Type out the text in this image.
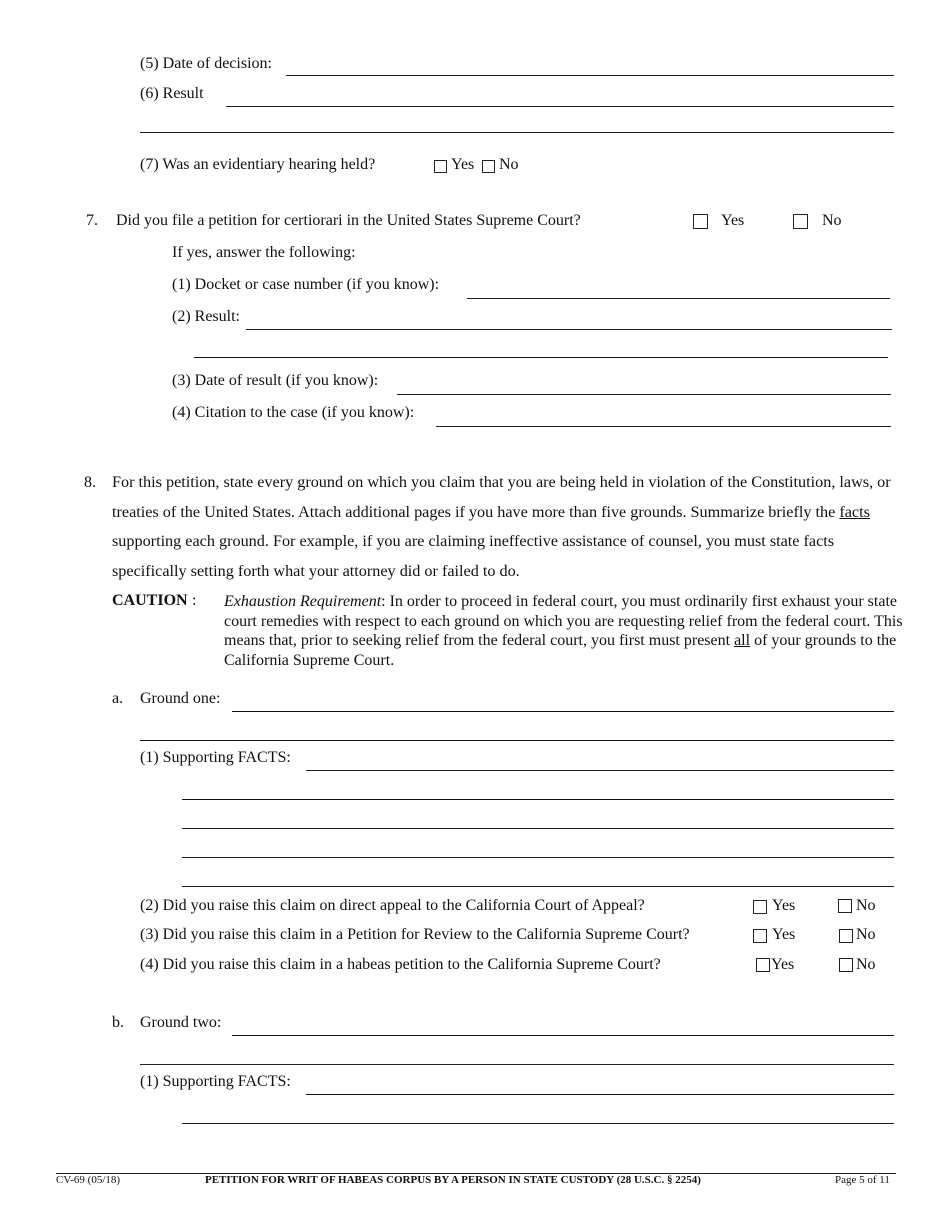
(5) Date of decision:
(6) Result
(7) Was an evidentiary hearing held?	Yes No
7. Did you file a petition for certiorari in the United States Supreme Court?	Yes	No
If yes, answer the following:
(1) Docket or case number (if you know):
(2) Result:
(3) Date of result (if you know):
(4) Citation to the case (if you know):
8. For this petition, state every ground on which you claim that you are being held in violation of the Constitution, laws, or treaties of the United States. Attach additional pages if you have more than five grounds. Summarize briefly the facts supporting each ground. For example, if you are claiming ineffective assistance of counsel, you must state facts specifically setting forth what your attorney did or failed to do.
CAUTION : Exhaustion Requirement: In order to proceed in federal court, you must ordinarily first exhaust your state court remedies with respect to each ground on which you are requesting relief from the federal court. This means that, prior to seeking relief from the federal court, you first must present all of your grounds to the California Supreme Court.
a. Ground one:
(1) Supporting FACTS:
(2) Did you raise this claim on direct appeal to the California Court of Appeal?	Yes	No
(3) Did you raise this claim in a Petition for Review to the California Supreme Court?	Yes	No
(4) Did you raise this claim in a habeas petition to the California Supreme Court?	Yes	No
b. Ground two:
(1) Supporting FACTS:
CV-69 (05/18)	PETITION FOR WRIT OF HABEAS CORPUS BY A PERSON IN STATE CUSTODY (28 U.S.C. § 2254)	Page 5 of 11
